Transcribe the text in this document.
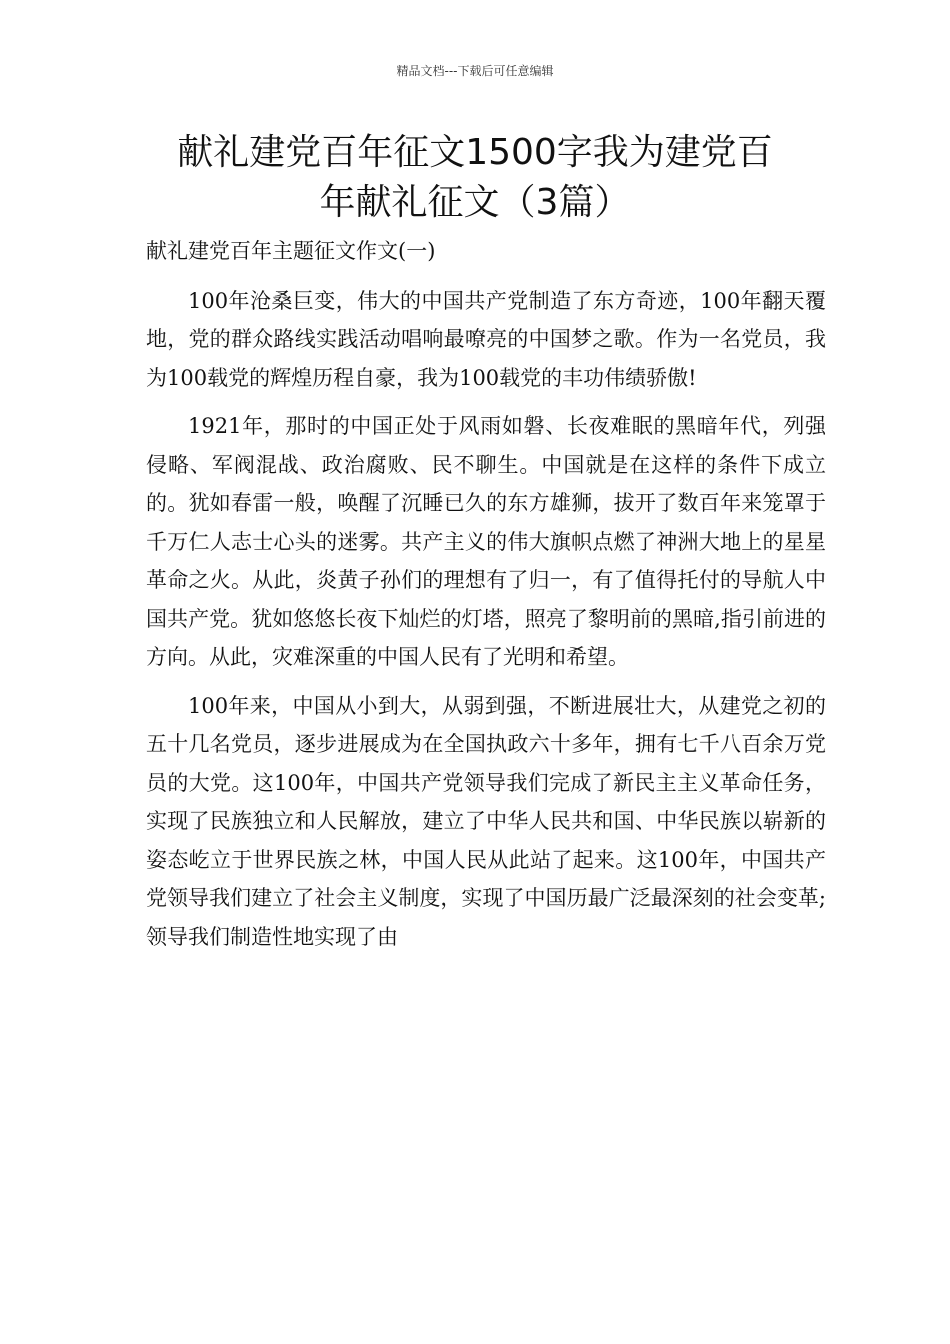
精品文档---下载后可任意编辑
献礼建党百年征文1500字我为建党百
年献礼征文（3篇）

献礼建党百年主题征文作文(一)

100年沧桑巨变，伟大的中国共产党制造了东方奇迹，100年翻天覆地，党的群众路线实践活动唱响最嘹亮的中国梦之歌。作为一名党员，我为100载党的辉煌历程自豪，我为100载党的丰功伟绩骄傲!

1921年，那时的中国正处于风雨如磐、长夜难眠的黑暗年代，列强侵略、军阀混战、政治腐败、民不聊生。中国就是在这样的条件下成立的。犹如春雷一般，唤醒了沉睡已久的东方雄狮，拔开了数百年来笼罩于千万仁人志士心头的迷雾。共产主义的伟大旗帜点燃了神洲大地上的星星革命之火。从此，炎黄子孙们的理想有了归一，有了值得托付的导航人中国共产党。犹如悠悠长夜下灿烂的灯塔，照亮了黎明前的黑暗,指引前进的方向。从此，灾难深重的中国人民有了光明和希望。

100年来，中国从小到大，从弱到强，不断进展壮大，从建党之初的五十几名党员，逐步进展成为在全国执政六十多年，拥有七千八百余万党员的大党。这100年，中国共产党领导我们完成了新民主主义革命任务，实现了民族独立和人民解放，建立了中华人民共和国、中华民族以崭新的姿态屹立于世界民族之林，中国人民从此站了起来。这100年，中国共产党领导我们建立了社会主义制度，实现了中国历最广泛最深刻的社会变革;领导我们制造性地实现了由
